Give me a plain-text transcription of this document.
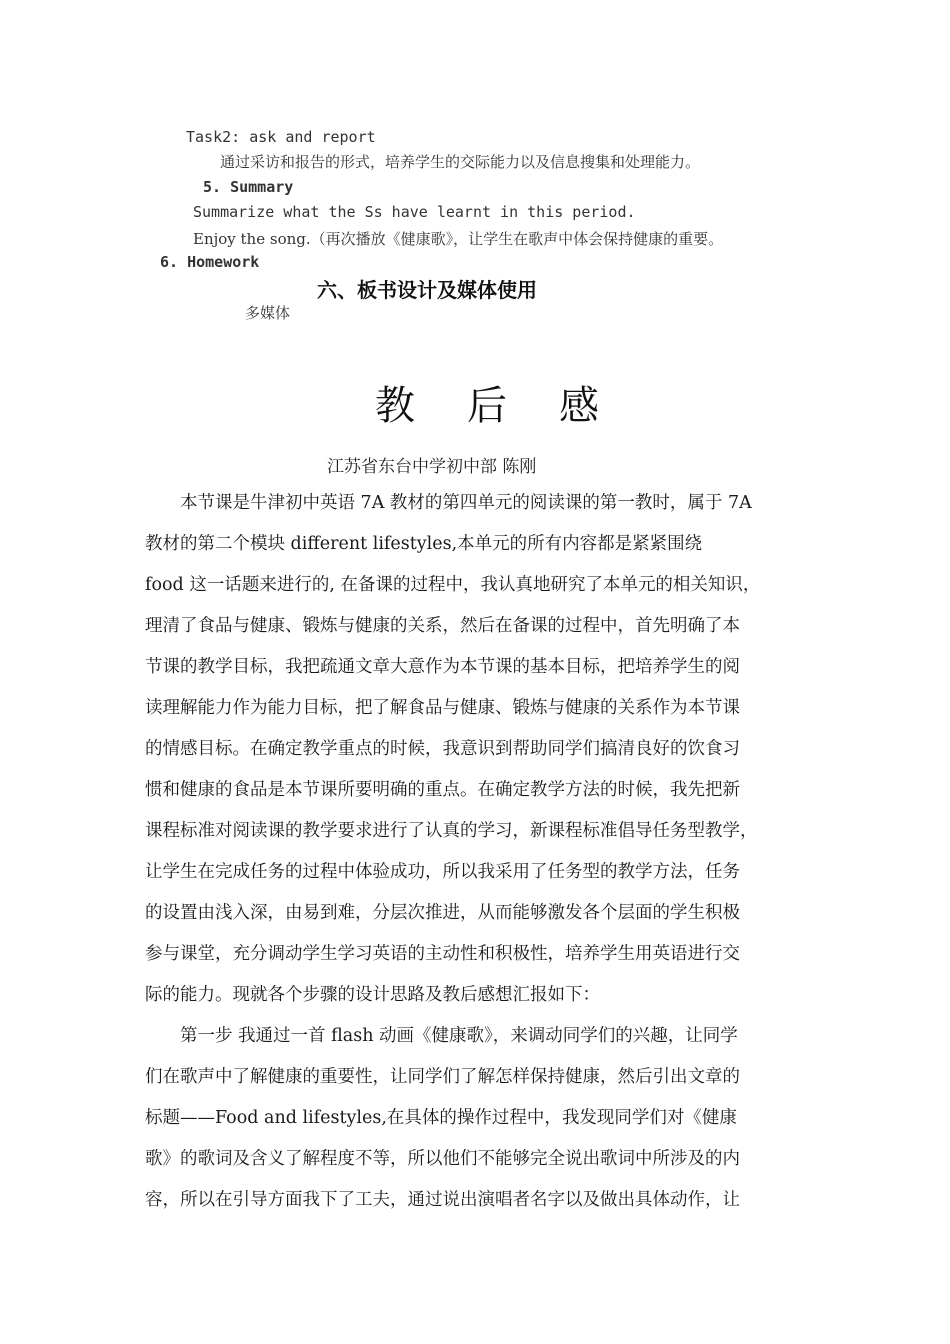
Task2: ask and report
通过采访和报告的形式，培养学生的交际能力以及信息搜集和处理能力。
5. Summary
Summarize what the Ss have learnt in this period.
Enjoy the song.（再次播放《健康歌》，让学生在歌声中体会保持健康的重要。
6. Homework
六、板书设计及媒体使用
多媒体
教后感
江苏省东台中学初中部 陈刚
　　本节课是牛津初中英语 7A 教材的第四单元的阅读课的第一教时，属于 7A
教材的第二个模块 different lifestyles,本单元的所有内容都是紧紧围绕
food 这一话题来进行的, 在备课的过程中，我认真地研究了本单元的相关知识，
理清了食品与健康、锻炼与健康的关系，然后在备课的过程中，首先明确了本
节课的教学目标，我把疏通文章大意作为本节课的基本目标，把培养学生的阅
读理解能力作为能力目标，把了解食品与健康、锻炼与健康的关系作为本节课
的情感目标。在确定教学重点的时候，我意识到帮助同学们搞清良好的饮食习
惯和健康的食品是本节课所要明确的重点。在确定教学方法的时候，我先把新
课程标准对阅读课的教学要求进行了认真的学习，新课程标准倡导任务型教学，
让学生在完成任务的过程中体验成功，所以我采用了任务型的教学方法，任务
的设置由浅入深，由易到难，分层次推进，从而能够激发各个层面的学生积极
参与课堂，充分调动学生学习英语的主动性和积极性，培养学生用英语进行交
际的能力。现就各个步骤的设计思路及教后感想汇报如下：
　　第一步 我通过一首 flash 动画《健康歌》，来调动同学们的兴趣，让同学
们在歌声中了解健康的重要性，让同学们了解怎样保持健康，然后引出文章的
标题——Food and lifestyles,在具体的操作过程中，我发现同学们对《健康
歌》的歌词及含义了解程度不等，所以他们不能够完全说出歌词中所涉及的内
容，所以在引导方面我下了工夫，通过说出演唱者名字以及做出具体动作，让
